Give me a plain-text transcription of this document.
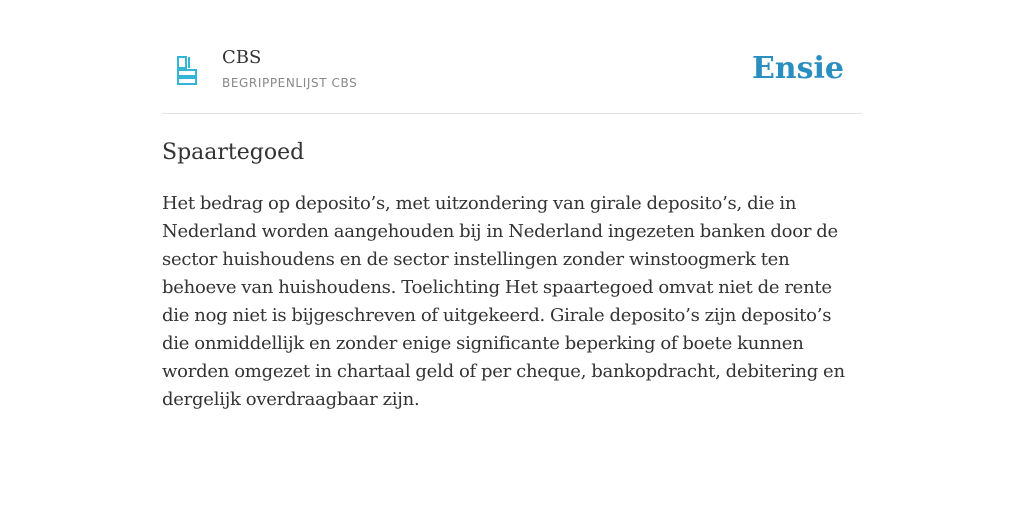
CBS
BEGRIPPENLIJST CBS	Ensie
Spaartegoed

Het bedrag op deposito’s, met uitzondering van girale deposito’s, die in Nederland worden aangehouden bij in Nederland ingezeten banken door de sector huishoudens en de sector instellingen zonder winstoogmerk ten behoeve van huishoudens. Toelichting Het spaartegoed omvat niet de rente die nog niet is bijgeschreven of uitgekeerd. Girale deposito’s zijn deposito’s die onmiddellijk en zonder enige significante beperking of boete kunnen worden omgezet in chartaal geld of per cheque, bankopdracht, debitering en dergelijk overdraagbaar zijn.
